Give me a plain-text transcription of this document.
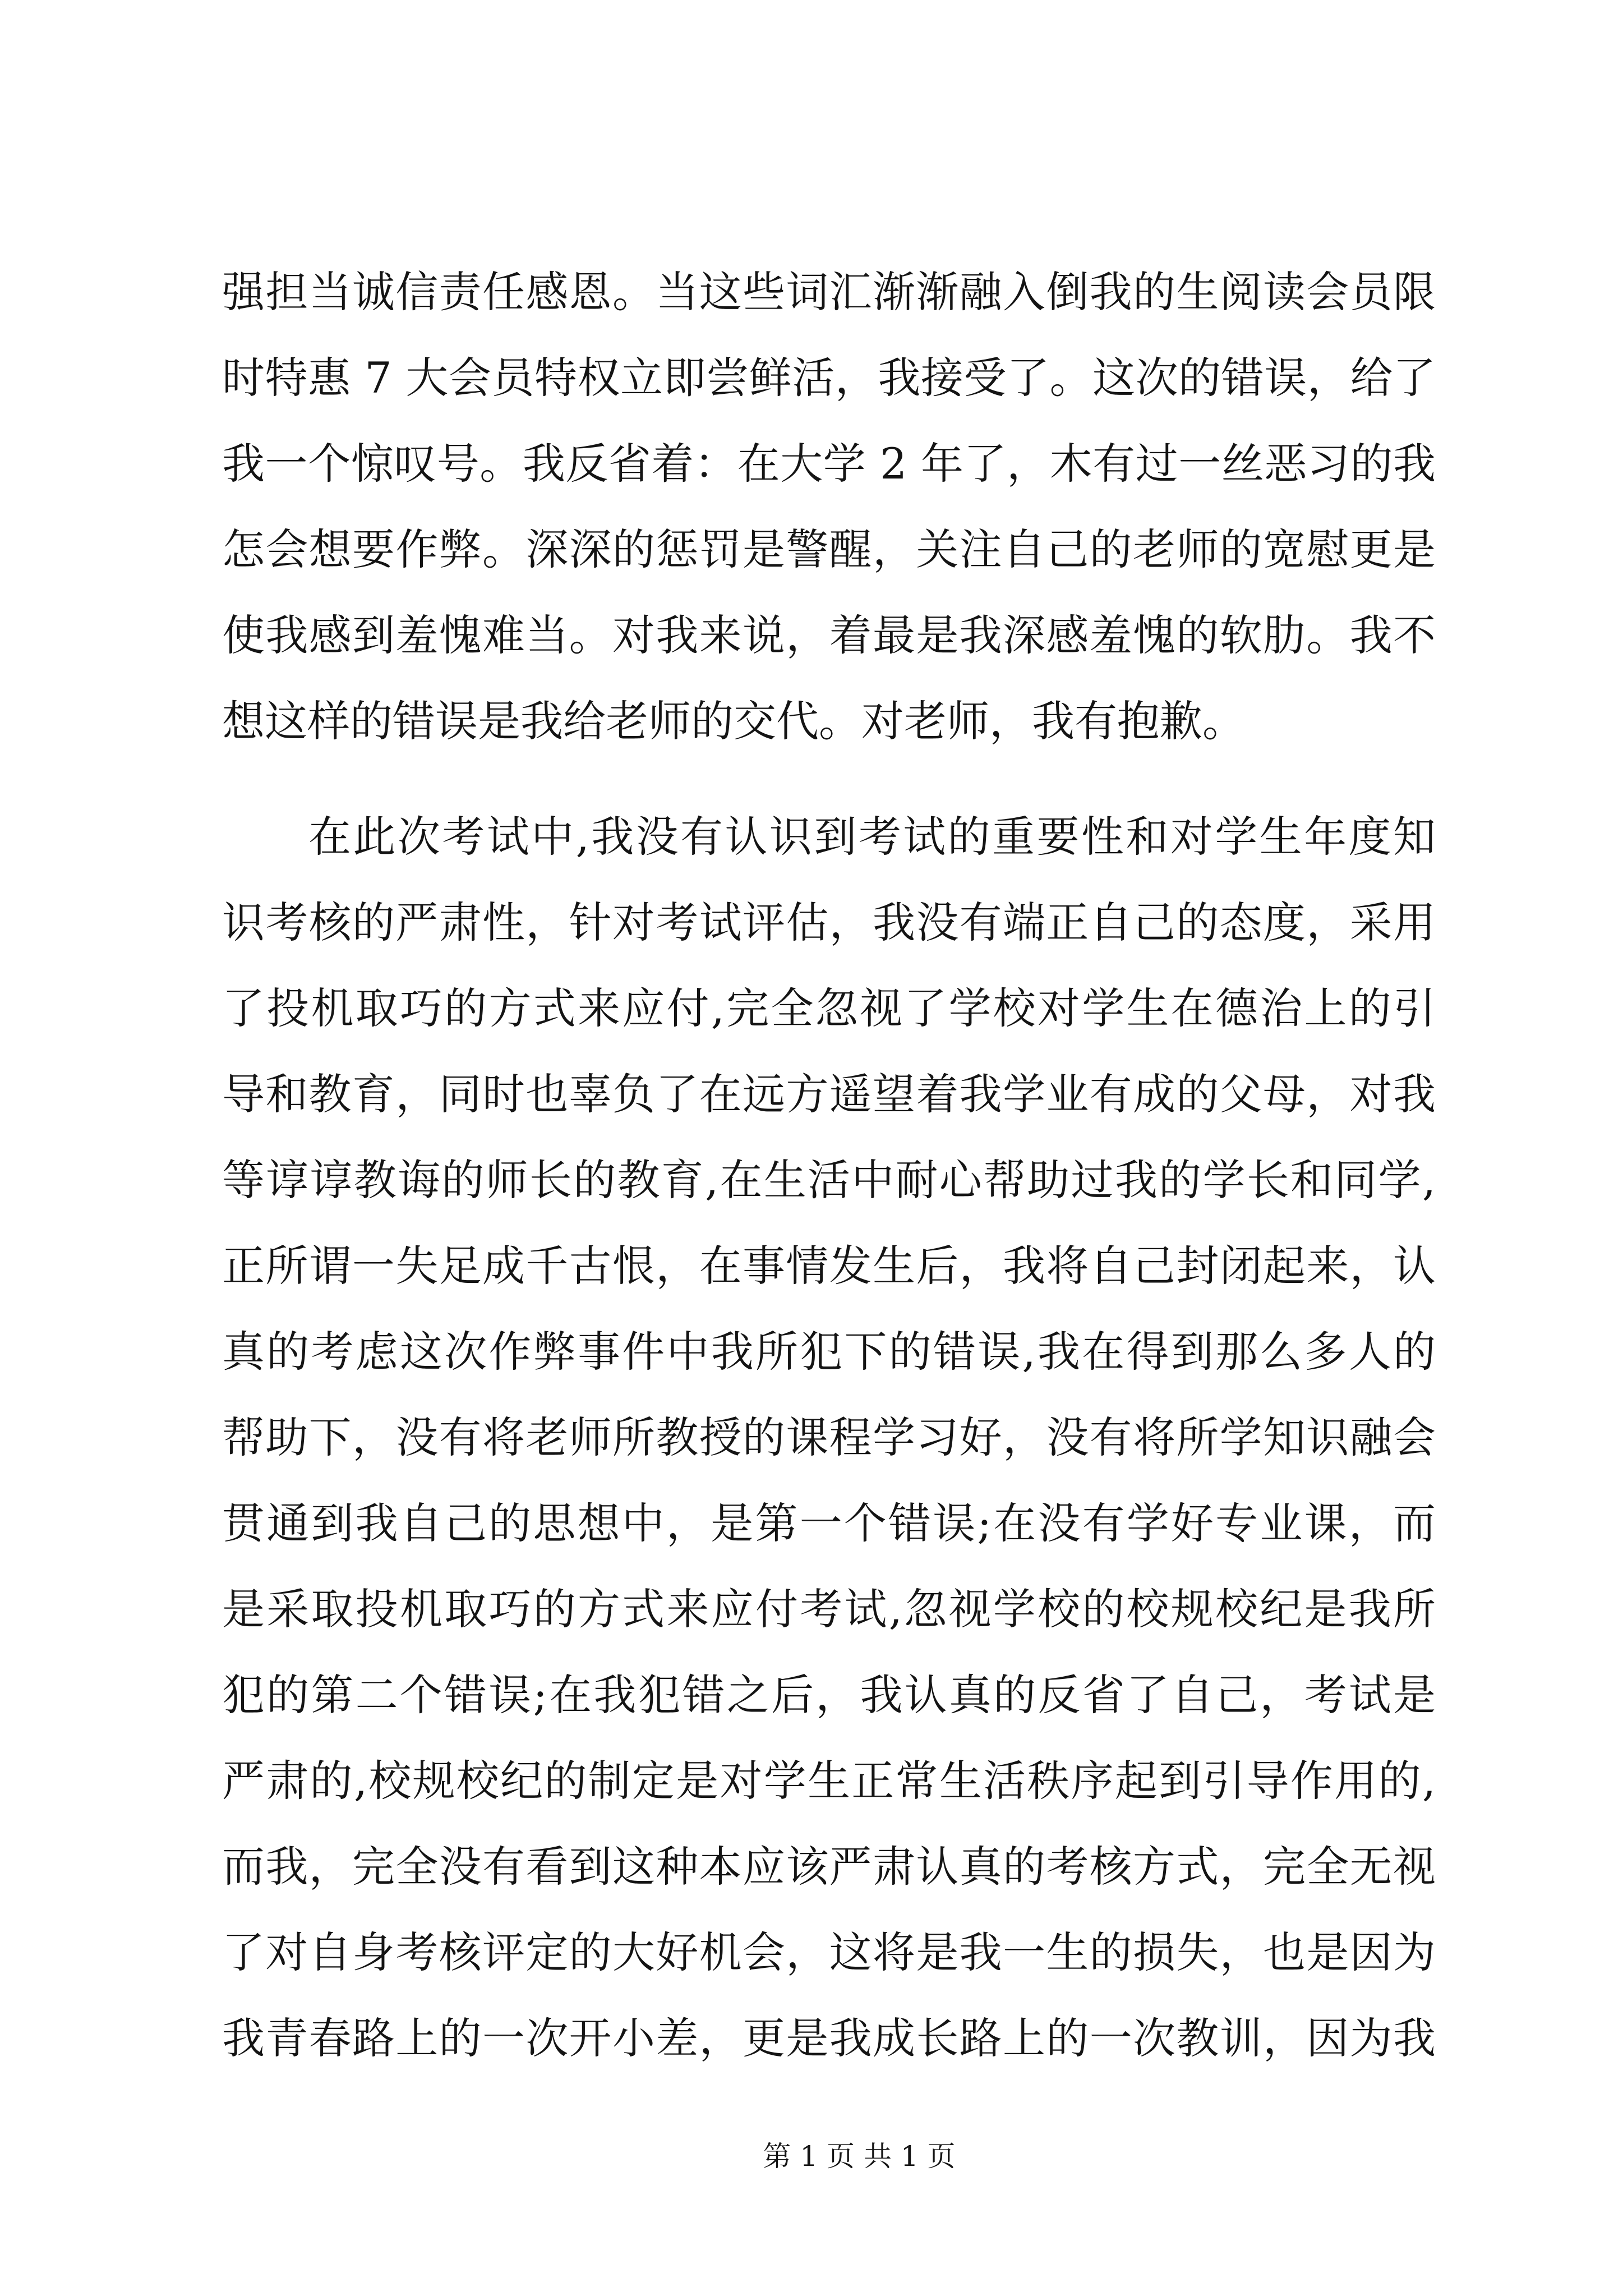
强担当诚信责任感恩。当这些词汇渐渐融入倒我的生阅读会员限
时特惠 7 大会员特权立即尝鲜活，我接受了。这次的错误，给了
我一个惊叹号。我反省着：在大学 2 年了，木有过一丝恶习的我
怎会想要作弊。深深的惩罚是警醒，关注自己的老师的宽慰更是
使我感到羞愧难当。对我来说，着最是我深感羞愧的软肋。我不
想这样的错误是我给老师的交代。对老师，我有抱歉。
在此次考试中,我没有认识到考试的重要性和对学生年度知
识考核的严肃性，针对考试评估，我没有端正自己的态度，采用
了投机取巧的方式来应付,完全忽视了学校对学生在德治上的引
导和教育，同时也辜负了在远方遥望着我学业有成的父母，对我
等谆谆教诲的师长的教育,在生活中耐心帮助过我的学长和同学,
正所谓一失足成千古恨，在事情发生后，我将自己封闭起来，认
真的考虑这次作弊事件中我所犯下的错误,我在得到那么多人的
帮助下，没有将老师所教授的课程学习好，没有将所学知识融会
贯通到我自己的思想中，是第一个错误;在没有学好专业课，而
是采取投机取巧的方式来应付考试,忽视学校的校规校纪是我所
犯的第二个错误;在我犯错之后，我认真的反省了自己，考试是
严肃的,校规校纪的制定是对学生正常生活秩序起到引导作用的,
而我，完全没有看到这种本应该严肃认真的考核方式，完全无视
了对自身考核评定的大好机会，这将是我一生的损失，也是因为
我青春路上的一次开小差，更是我成长路上的一次教训，因为我
第 1 页 共 1 页
